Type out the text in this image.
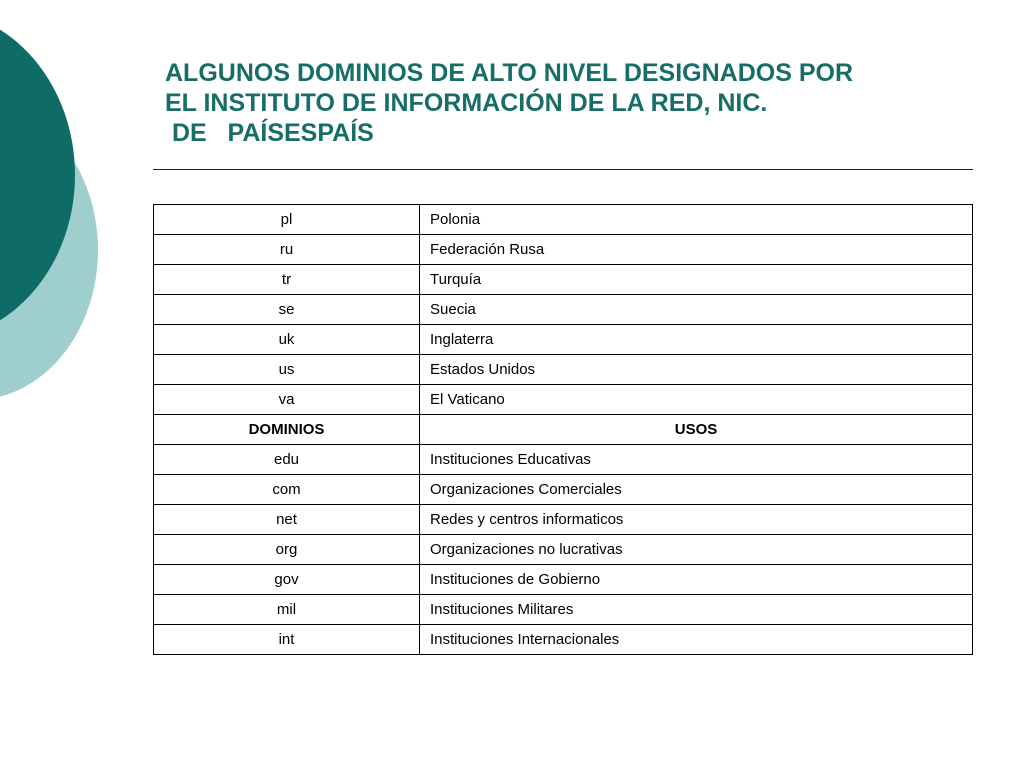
ALGUNOS DOMINIOS DE ALTO NIVEL DESIGNADOS POR
EL INSTITUTO DE INFORMACIÓN DE LA RED, NIC.
DE   PAÍSESPAÍS
pl	Polonia
ru	Federación Rusa
tr	Turquía
se	Suecia
uk	Inglaterra
us	Estados Unidos
va	El Vaticano
DOMINIOS	USOS
edu	Instituciones Educativas
com	Organizaciones Comerciales
net	Redes y centros informaticos
org	Organizaciones no lucrativas
gov	Instituciones de Gobierno
mil	Instituciones Militares
int	Instituciones Internacionales
